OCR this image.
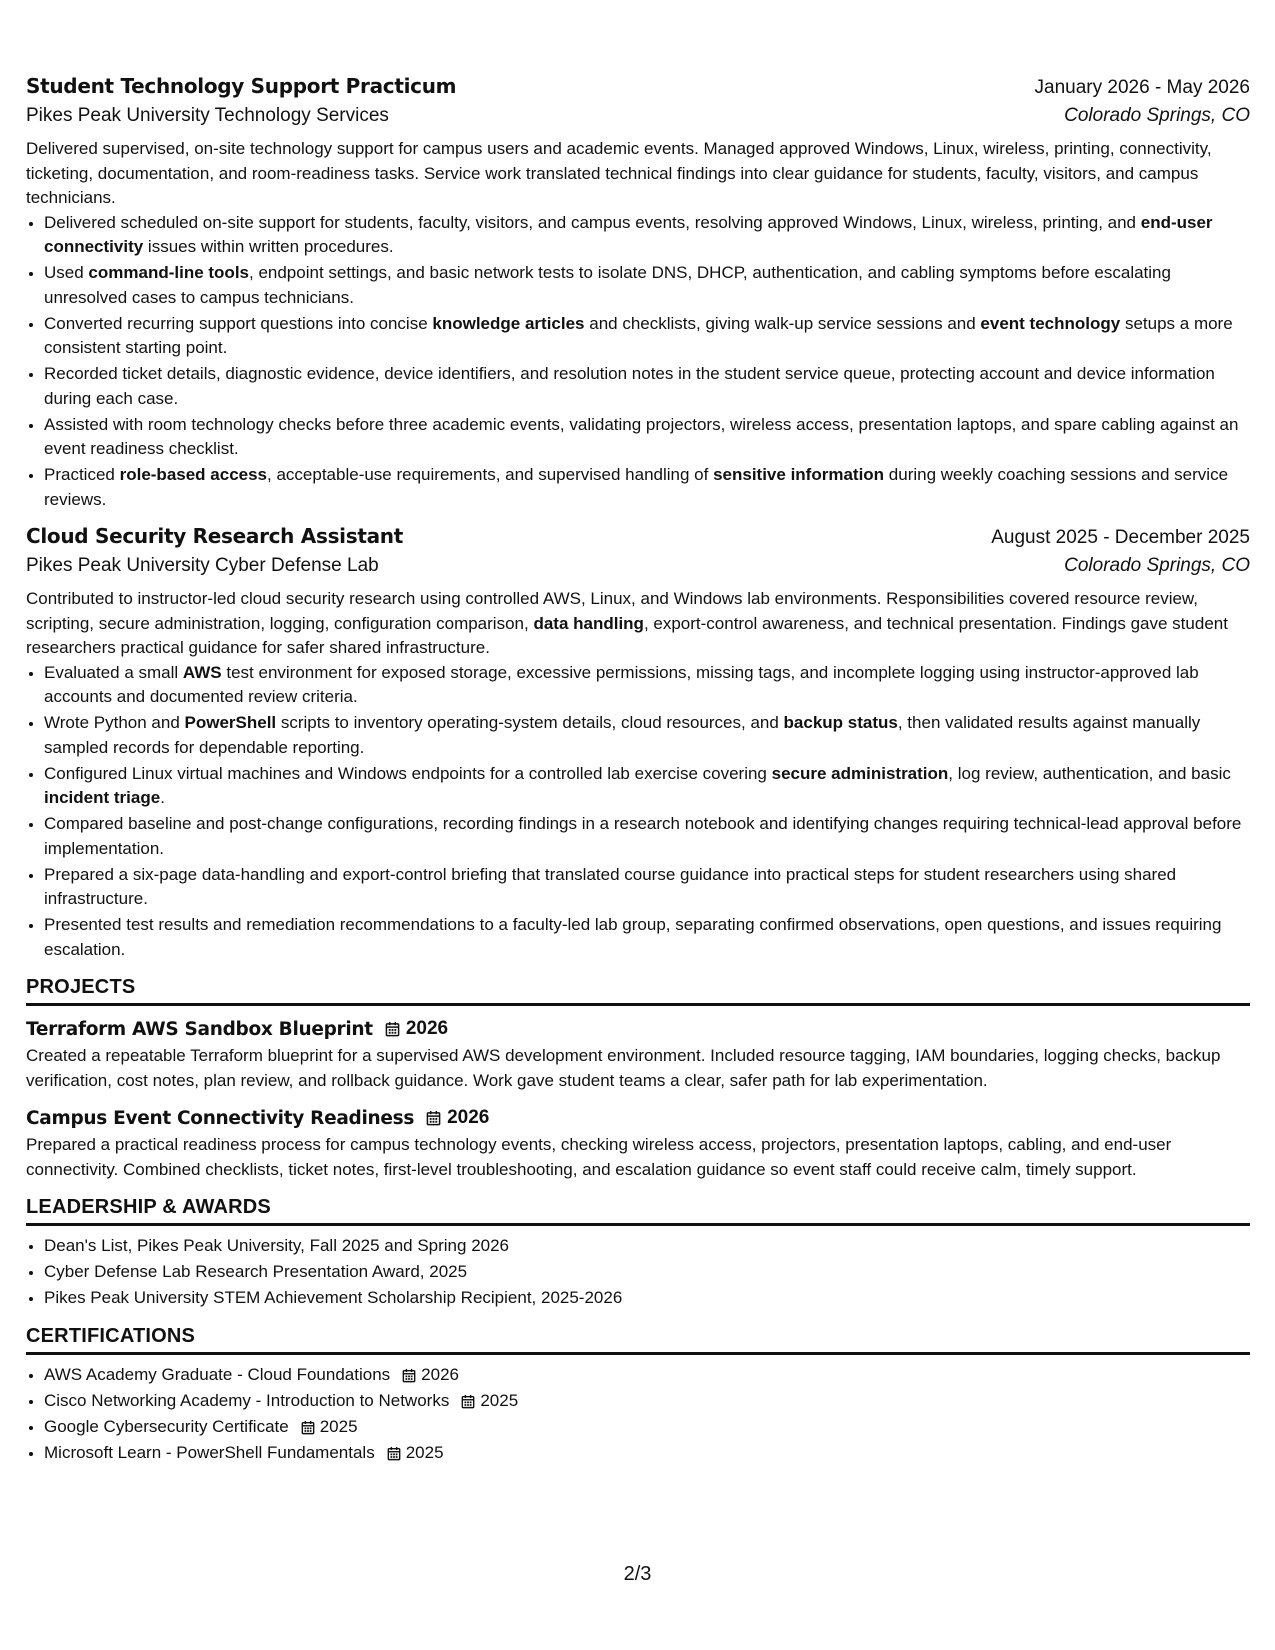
Student Technology Support Practicum	January 2026 - May 2026
Pikes Peak University Technology Services	Colorado Springs, CO

Delivered supervised, on-site technology support for campus users and academic events. Managed approved Windows, Linux, wireless, printing, connectivity, ticketing, documentation, and room-readiness tasks. Service work translated technical findings into clear guidance for students, faculty, visitors, and campus technicians.

• Delivered scheduled on-site support for students, faculty, visitors, and campus events, resolving approved Windows, Linux, wireless, printing, and end-user connectivity issues within written procedures.
• Used command-line tools, endpoint settings, and basic network tests to isolate DNS, DHCP, authentication, and cabling symptoms before escalating unresolved cases to campus technicians.
• Converted recurring support questions into concise knowledge articles and checklists, giving walk-up service sessions and event technology setups a more consistent starting point.
• Recorded ticket details, diagnostic evidence, device identifiers, and resolution notes in the student service queue, protecting account and device information during each case.
• Assisted with room technology checks before three academic events, validating projectors, wireless access, presentation laptops, and spare cabling against an event readiness checklist.
• Practiced role-based access, acceptable-use requirements, and supervised handling of sensitive information during weekly coaching sessions and service reviews.
Cloud Security Research Assistant	August 2025 - December 2025
Pikes Peak University Cyber Defense Lab	Colorado Springs, CO

Contributed to instructor-led cloud security research using controlled AWS, Linux, and Windows lab environments. Responsibilities covered resource review, scripting, secure administration, logging, configuration comparison, data handling, export-control awareness, and technical presentation. Findings gave student researchers practical guidance for safer shared infrastructure.

• Evaluated a small AWS test environment for exposed storage, excessive permissions, missing tags, and incomplete logging using instructor-approved lab accounts and documented review criteria.
• Wrote Python and PowerShell scripts to inventory operating-system details, cloud resources, and backup status, then validated results against manually sampled records for dependable reporting.
• Configured Linux virtual machines and Windows endpoints for a controlled lab exercise covering secure administration, log review, authentication, and basic incident triage.
• Compared baseline and post-change configurations, recording findings in a research notebook and identifying changes requiring technical-lead approval before implementation.
• Prepared a six-page data-handling and export-control briefing that translated course guidance into practical steps for student researchers using shared infrastructure.
• Presented test results and remediation recommendations to a faculty-led lab group, separating confirmed observations, open questions, and issues requiring escalation.
PROJECTS
Terraform AWS Sandbox Blueprint 2026

Created a repeatable Terraform blueprint for a supervised AWS development environment. Included resource tagging, IAM boundaries, logging checks, backup verification, cost notes, plan review, and rollback guidance. Work gave student teams a clear, safer path for lab experimentation.

Campus Event Connectivity Readiness 2026

Prepared a practical readiness process for campus technology events, checking wireless access, projectors, presentation laptops, cabling, and end-user connectivity. Combined checklists, ticket notes, first-level troubleshooting, and escalation guidance so event staff could receive calm, timely support.

LEADERSHIP & AWARDS
• Dean's List, Pikes Peak University, Fall 2025 and Spring 2026
• Cyber Defense Lab Research Presentation Award, 2025
• Pikes Peak University STEM Achievement Scholarship Recipient, 2025-2026
CERTIFICATIONS
• AWS Academy Graduate - Cloud Foundations 2026
• Cisco Networking Academy - Introduction to Networks 2025
• Google Cybersecurity Certificate 2025
• Microsoft Learn - PowerShell Fundamentals 2025
2/3
